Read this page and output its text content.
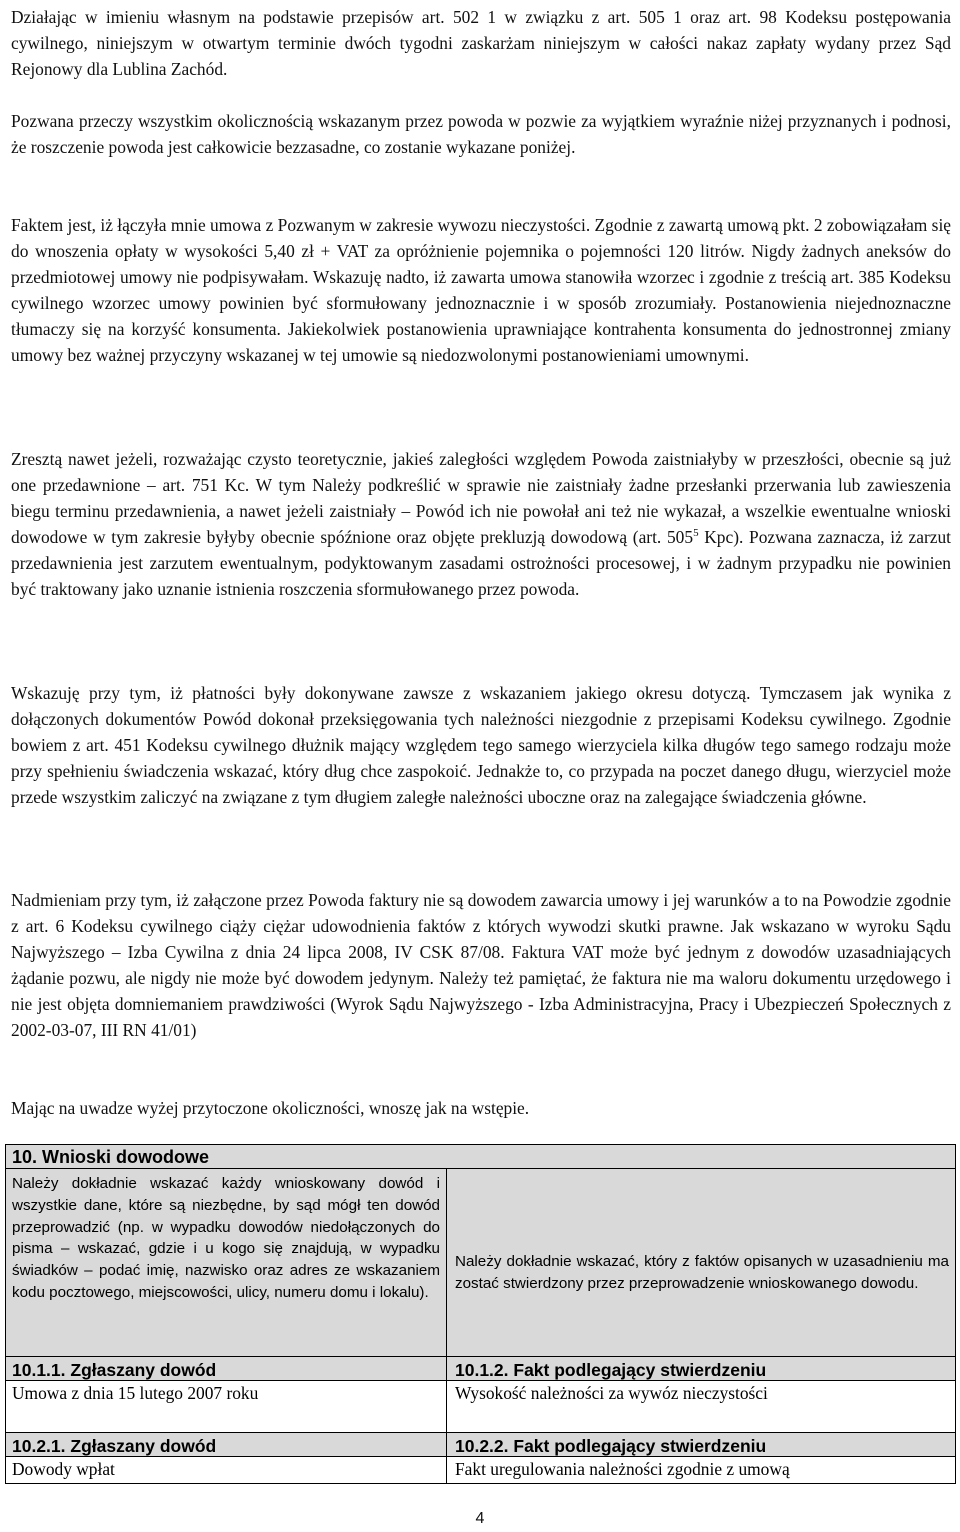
Działając w imieniu własnym na podstawie przepisów art. 502 1 w związku z art. 505 1 oraz art. 98 Kodeksu postępowania cywilnego, niniejszym w otwartym terminie dwóch tygodni zaskarżam niniejszym w całości nakaz zapłaty wydany przez Sąd Rejonowy dla Lublina Zachód.

Pozwana przeczy wszystkim okolicznością wskazanym przez powoda w pozwie za wyjątkiem wyraźnie niżej przyznanych i podnosi, że roszczenie powoda jest całkowicie bezzasadne, co zostanie wykazane poniżej.

Faktem jest, iż łączyła mnie umowa z Pozwanym w zakresie wywozu nieczystości. Zgodnie z zawartą umową pkt. 2 zobowiązałam się do wnoszenia opłaty w wysokości 5,40 zł + VAT za opróżnienie pojemnika o pojemności 120 litrów. Nigdy żadnych aneksów do przedmiotowej umowy nie podpisywałam. Wskazuję nadto, iż zawarta umowa stanowiła wzorzec i zgodnie z treścią art. 385 Kodeksu cywilnego wzorzec umowy powinien być sformułowany jednoznacznie i w sposób zrozumiały. Postanowienia niejednoznaczne tłumaczy się na korzyść konsumenta. Jakiekolwiek postanowienia uprawniające kontrahenta konsumenta do jednostronnej zmiany umowy bez ważnej przyczyny wskazanej w tej umowie są niedozwolonymi postanowieniami umownymi.

Zresztą nawet jeżeli, rozważając czysto teoretycznie, jakieś zaległości względem Powoda zaistniałyby w przeszłości, obecnie są już one przedawnione – art. 751 Kc. W tym Należy podkreślić w sprawie nie zaistniały żadne przesłanki przerwania lub zawieszenia biegu terminu przedawnienia, a nawet jeżeli zaistniały – Powód ich nie powołał ani też nie wykazał, a wszelkie ewentualne wnioski dowodowe w tym zakresie byłyby obecnie spóźnione oraz objęte prekluzją dowodową (art. $505^5$ Kpc). Pozwana zaznacza, iż zarzut przedawnienia jest zarzutem ewentualnym, podyktowanym zasadami ostrożności procesowej, i w żadnym przypadku nie powinien być traktowany jako uznanie istnienia roszczenia sformułowanego przez powoda.

Wskazuję przy tym, iż płatności były dokonywane zawsze z wskazaniem jakiego okresu dotyczą. Tymczasem jak wynika z dołączonych dokumentów Powód dokonał przeksięgowania tych należności niezgodnie z przepisami Kodeksu cywilnego. Zgodnie bowiem z art. 451 Kodeksu cywilnego dłużnik mający względem tego samego wierzyciela kilka długów tego samego rodzaju może przy spełnieniu świadczenia wskazać, który dług chce zaspokoić. Jednakże to, co przypada na poczet danego długu, wierzyciel może przede wszystkim zaliczyć na związane z tym długiem zaległe należności uboczne oraz na zalegające świadczenia główne.

Nadmieniam przy tym, iż załączone przez Powoda faktury nie są dowodem zawarcia umowy i jej warunków a to na Powodzie zgodnie z art. 6 Kodeksu cywilnego ciąży ciężar udowodnienia faktów z których wywodzi skutki prawne. Jak wskazano w wyroku Sądu Najwyższego – Izba Cywilna z dnia 24 lipca 2008, IV CSK 87/08. Faktura VAT może być jednym z dowodów uzasadniających żądanie pozwu, ale nigdy nie może być dowodem jedynym. Należy też pamiętać, że faktura nie ma waloru dokumentu urzędowego i nie jest objęta domniemaniem prawdziwości (Wyrok Sądu Najwyższego - Izba Administracyjna, Pracy i Ubezpieczeń Społecznych z 2002-03-07, III RN 41/01)

Mając na uwadze wyżej przytoczone okoliczności, wnoszę jak na wstępie.

10. Wnioski dowodowe

Należy dokładnie wskazać każdy wnioskowany dowód i wszystkie dane, które są niezbędne, by sąd mógł ten dowód przeprowadzić (np. w wypadku dowodów niedołączonych do pisma – wskazać, gdzie i u kogo się znajdują, w wypadku świadków – podać imię, nazwisko oraz adres ze wskazaniem kodu pocztowego, miejscowości, ulicy, numeru domu i lokalu).

Należy dokładnie wskazać, który z faktów opisanych w uzasadnieniu ma zostać stwierdzony przez przeprowadzenie wnioskowanego dowodu.

10.1.1. Zgłaszany dowód	10.1.2. Fakt podlegający stwierdzeniu
Umowa z dnia 15 lutego 2007 roku	Wysokość należności za wywóz nieczystości
10.2.1. Zgłaszany dowód	10.2.2. Fakt podlegający stwierdzeniu
Dowody wpłat	Fakt uregulowania należności zgodnie z umową
4
